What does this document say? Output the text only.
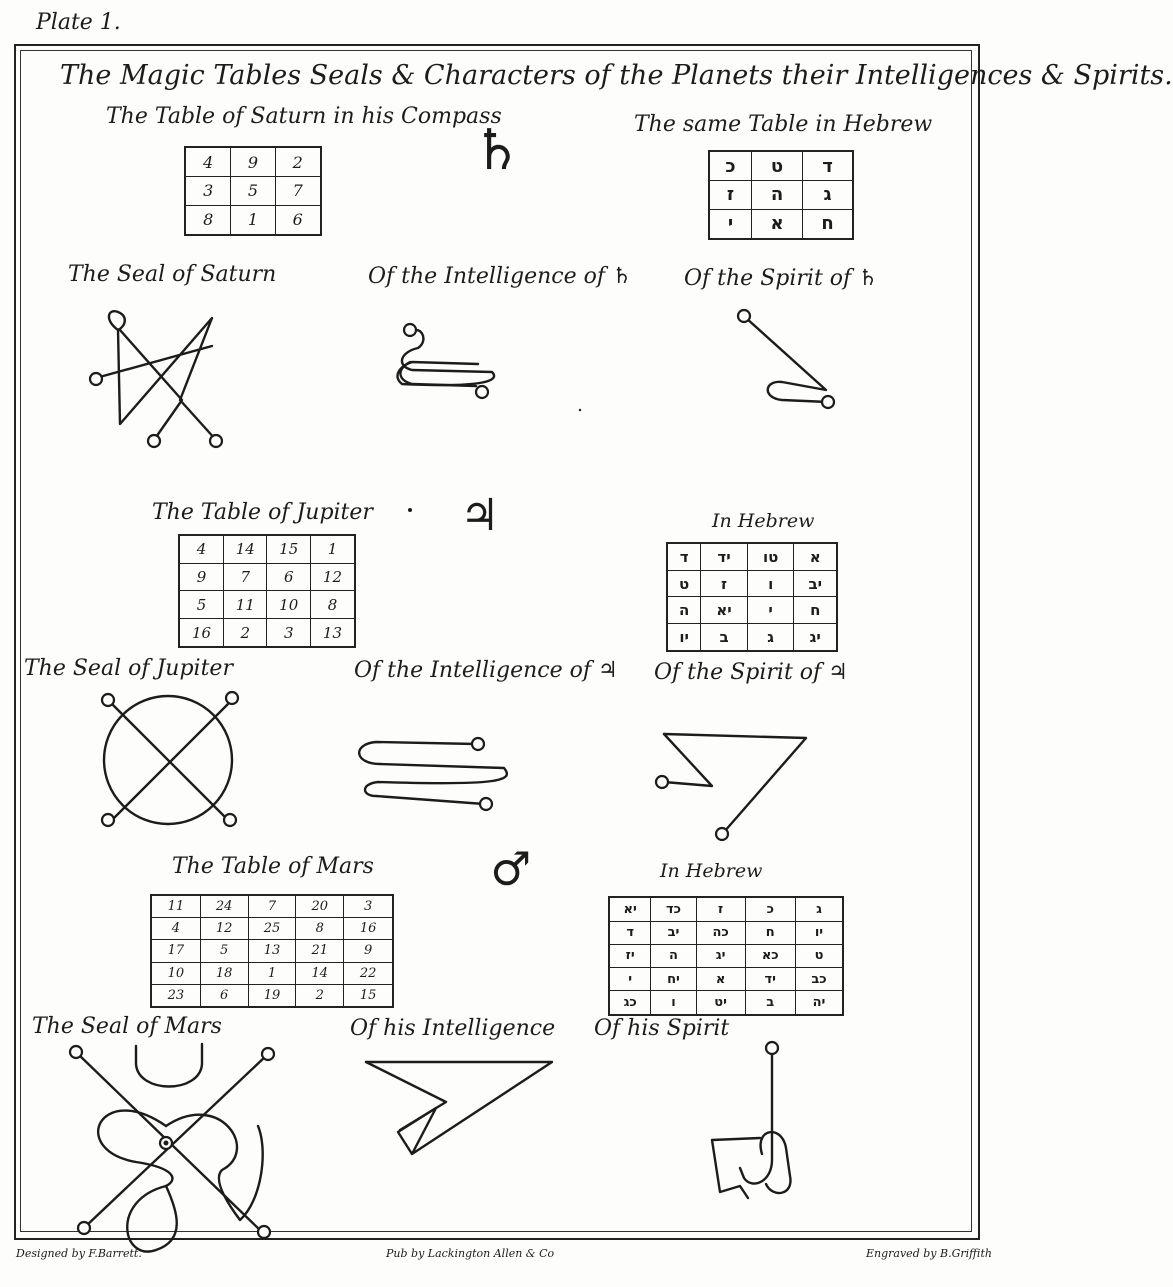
Plate 1.
The Magic Tables Seals & Characters of the Planets their Intelligences & Spirits.
The Table of Saturn in his Compass	The same Table in Hebrew
♄
4	9	2
3	5	7
8	1	6
כ	ט	ד
ז	ה	ג
י	א	ח
The Seal of Saturn	Of the Intelligence of ♄ Of the Spirit of ♄
The Table of Jupiter ♃	In Hebrew
4	14	15	1
9	7	6	12
5	11	10	8
16	2	3	13
ד	יד	טו	א
ט	ז	ו	יב
ה	יא	י	ח
יו	ב	ג	יג
The Seal of Jupiter	Of the Intelligence of ♃ Of the Spirit of ♃
The Table of Mars	♂	In Hebrew
11	24	7	20	3
4	12	25	8	16
17	5	13	21	9
10	18	1	14	22
23	6	19	2	15
יא	כד	ז	כ	ג
ד	יב	כה	ח	יו
יז	ה	יג	כא	ט
י	יח	א	יד	כב
כג	ו	יט	ב	יה
The Seal of Mars	Of his Intelligence Of his Spirit
Designed by F.Barrett.	Pub by Lackington Allen & Co	Engraved by B.Griffith
